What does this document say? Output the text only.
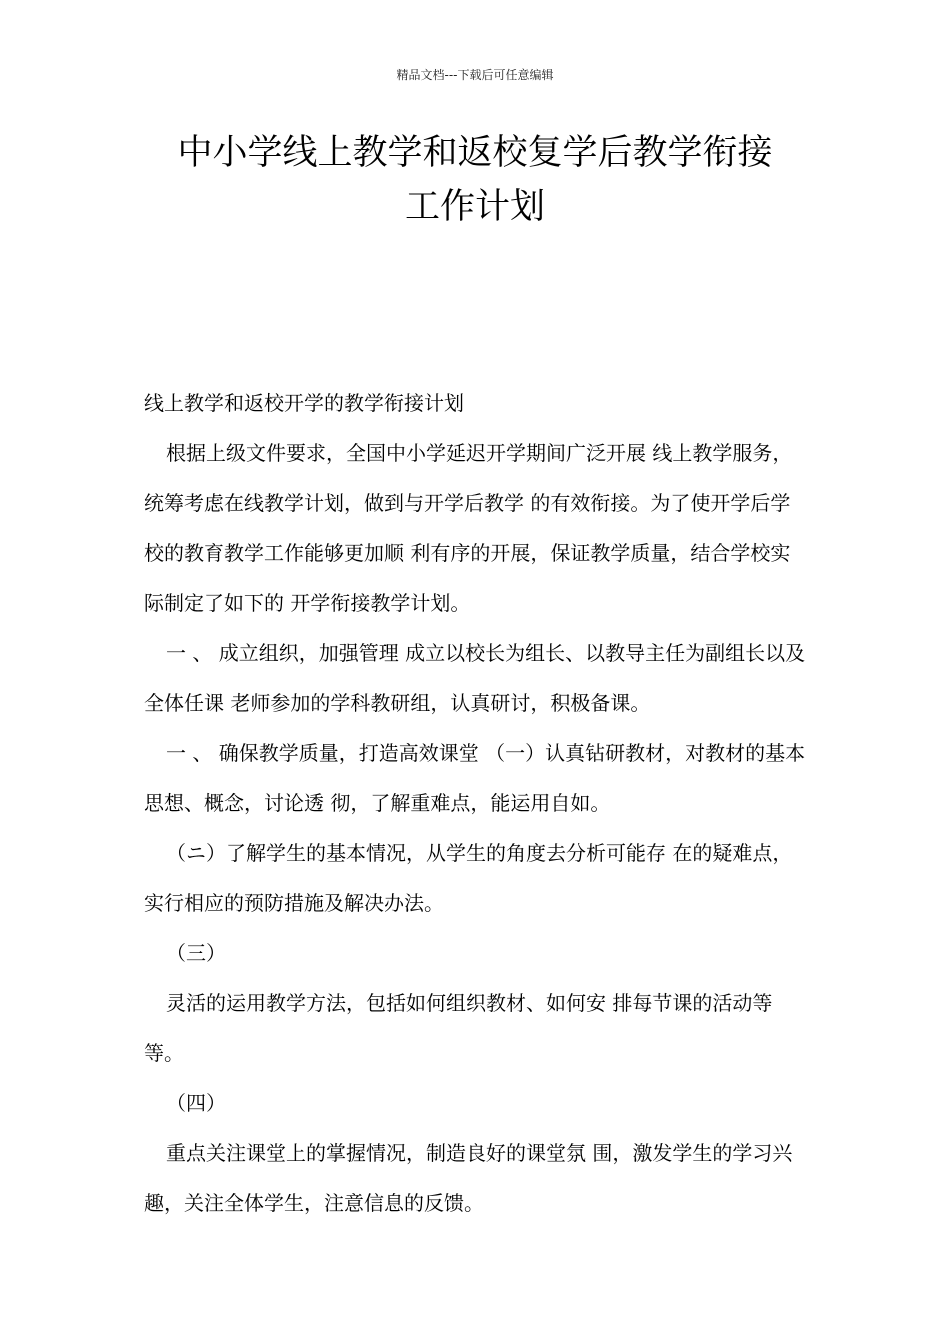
精品文档---下载后可任意编辑
中小学线上教学和返校复学后教学衔接
工作计划

线上教学和返校开学的教学衔接计划

根据上级文件要求，全国中小学延迟开学期间广泛开展 线上教学服务，统筹考虑在线教学计划，做到与开学后教学 的有效衔接。为了使开学后学校的教育教学工作能够更加顺 利有序的开展，保证教学质量，结合学校实际制定了如下的 开学衔接教学计划。

一 、 成立组织，加强管理 成立以校长为组长、以教导主任为副组长以及全体任课 老师参加的学科教研组，认真研讨，积极备课。

一 、 确保教学质量，打造高效课堂 （一）认真钻研教材，对教材的基本思想、概念，讨论透 彻，了解重难点，能运用自如。

（ニ）了解学生的基本情况，从学生的角度去分析可能存 在的疑难点，实行相应的预防措施及解决办法。

（三）

灵活的运用教学方法，包括如何组织教材、如何安 排每节课的活动等等。

（四）

重点关注课堂上的掌握情况，制造良好的课堂氛 围，激发学生的学习兴趣，关注全体学生，注意信息的反馈。
